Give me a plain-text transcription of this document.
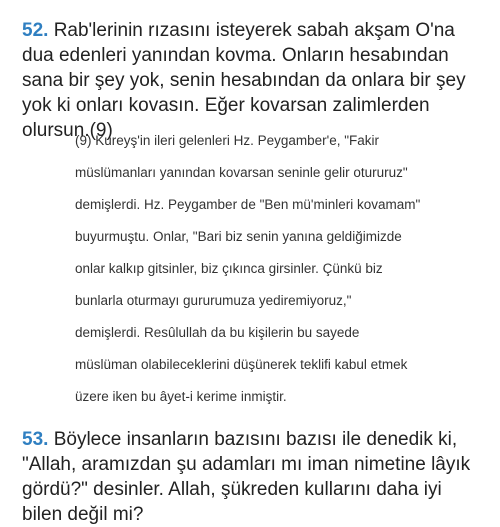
52. Rab'lerinin rızasını isteyerek sabah akşam O'na dua edenleri yanından kovma. Onların hesabından sana bir şey yok, senin hesabından da onlara bir şey yok ki onları kovasın. Eğer kovarsan zalimlerden olursun.(9)
(9) Kureyş'in ileri gelenleri Hz. Peygamber'e, "Fakir
müslümanları yanından kovarsan seninle gelir otururuz"
demişlerdi. Hz. Peygamber de "Ben mü'minleri kovamam"
buyurmuştu. Onlar, "Bari biz senin yanına geldiğimizde
onlar kalkıp gitsinler, biz çıkınca girsinler. Çünkü biz
bunlarla oturmayı gururumuza yediremiyoruz,"
demişlerdi. Resûlullah da bu kişilerin bu sayede
müslüman olabileceklerini düşünerek teklifi kabul etmek
üzere iken bu âyet-i kerime inmiştir.
53. Böylece insanların bazısını bazısı ile denedik ki, "Allah, aramızdan şu adamları mı iman nimetine lâyık gördü?" desinler. Allah, şükreden kullarını daha iyi bilen değil mi?
